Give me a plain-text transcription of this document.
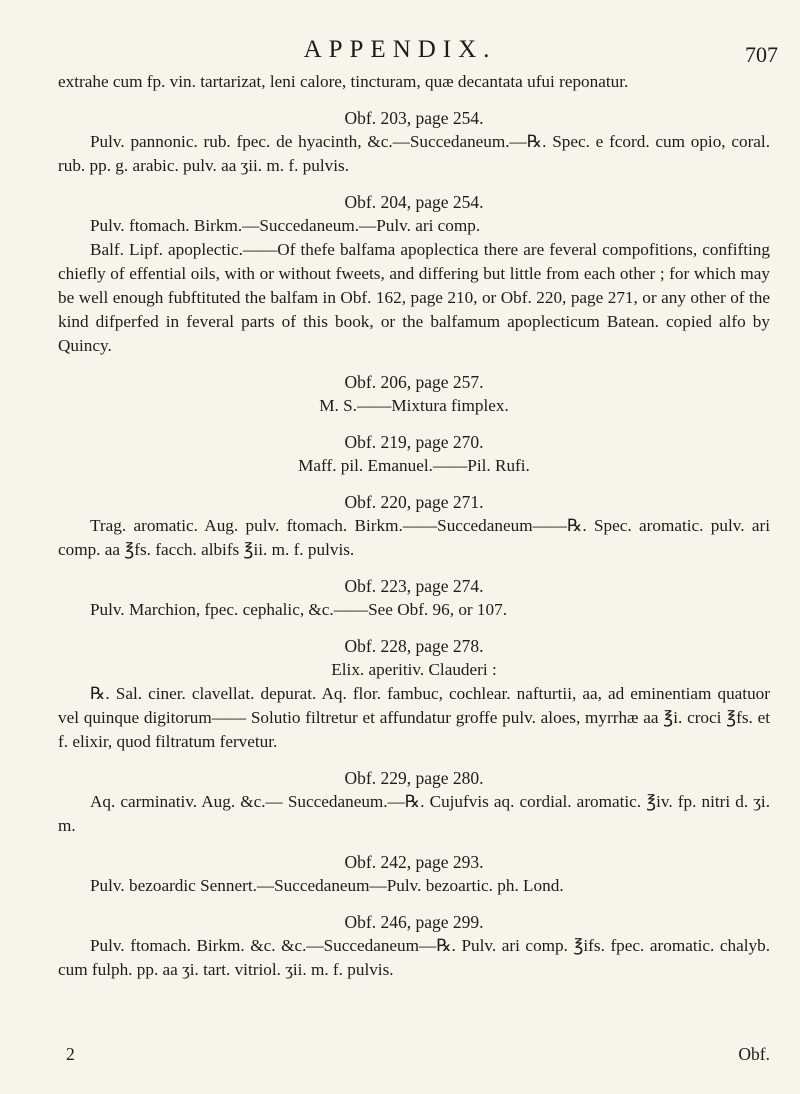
APPENDIX.	707

extrahe cum fp. vin. tartarizat, leni calore, tincturam, quæ decantata ufui reponatur.

Obf. 203, page 254.

Pulv. pannonic. rub. fpec. de hyacinth, &c.—Succedaneum.—℞. Spec. e fcord. cum opio, coral. rub. pp. g. arabic. pulv. aa ʒii. m. f. pulvis.

Obf. 204, page 254.

Pulv. ftomach. Birkm.—Succedaneum.—Pulv. ari comp.

Balf. Lipf. apoplectic.——Of thefe balfama apoplectica there are feveral compofitions, confifting chiefly of effential oils, with or without fweets, and differing but little from each other ; for which may be well enough fubftituted the balfam in Obf. 162, page 210, or Obf. 220, page 271, or any other of the kind difperfed in feveral parts of this book, or the balfamum apoplecticum Batean. copied alfo by Quincy.

Obf. 206, page 257.

M. S.——Mixtura fimplex.

Obf. 219, page 270.

Maff. pil. Emanuel.——Pil. Rufi.

Obf. 220, page 271.

Trag. aromatic. Aug. pulv. ftomach. Birkm.——Succedaneum——℞. Spec. aromatic. pulv. ari comp. aa ℥fs. facch. albifs ℥ii. m. f. pulvis.

Obf. 223, page 274.

Pulv. Marchion, fpec. cephalic, &c.——See Obf. 96, or 107.

Obf. 228, page 278.

Elix. aperitiv. Clauderi :

℞. Sal. ciner. clavellat. depurat. Aq. flor. fambuc, cochlear. nafturtii, aa, ad eminentiam quatuor vel quinque digitorum—— Solutio filtretur et affundatur groffe pulv. aloes, myrrhæ aa ℥i. croci ℥fs. et f. elixir, quod filtratum fervetur.

Obf. 229, page 280.

Aq. carminativ. Aug. &c.— Succedaneum.—℞. Cujufvis aq. cordial. aromatic. ℥iv. fp. nitri d. ʒi. m.

Obf. 242, page 293.

Pulv. bezoardic Sennert.—Succedaneum—Pulv. bezoartic. ph. Lond.

Obf. 246, page 299.

Pulv. ftomach. Birkm. &c. &c.—Succedaneum—℞. Pulv. ari comp. ℥ifs. fpec. aromatic. chalyb. cum fulph. pp. aa ʒi. tart. vitriol. ʒii. m. f. pulvis.

2	Obf.
